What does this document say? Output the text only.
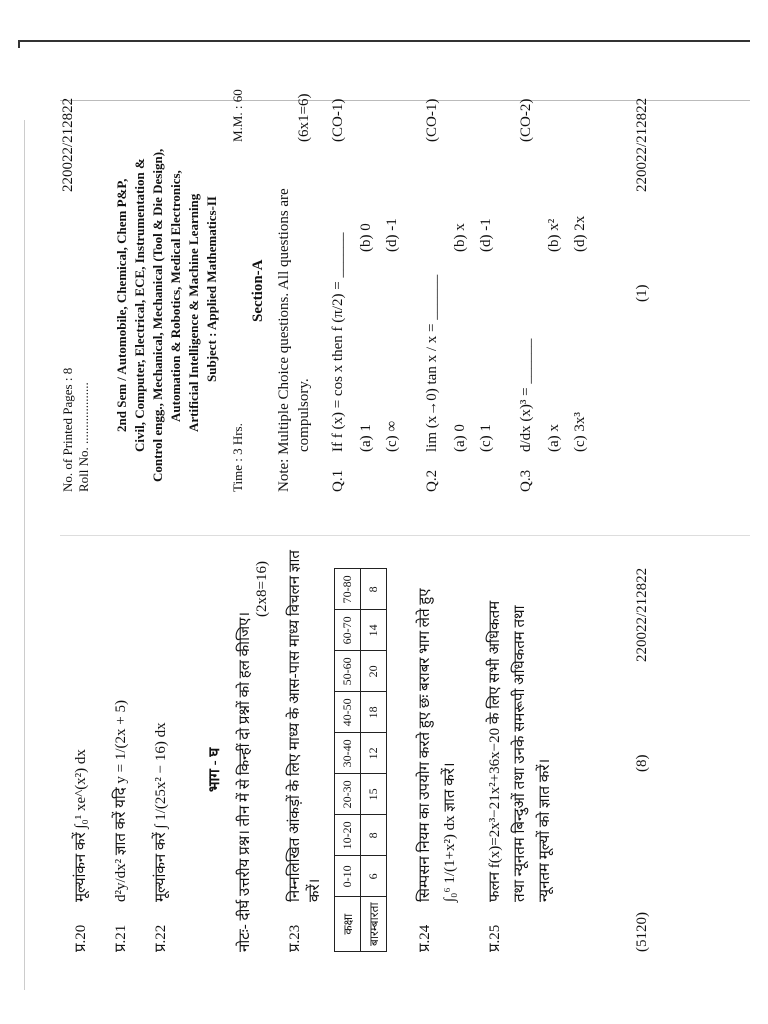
प्र.20
मूल्यांकन करें ∫₀¹ xe^(x²) dx
प्र.21
d²y/dx² ज्ञात करें यदि y = 1/(2x + 5)
प्र.22
मूल्यांकन करें ∫ 1/(25x² − 16) dx	भाग - घ नोटः- दीर्घ उत्तरीय प्रश्न। तीन में से किन्हीं दो प्रश्नों को हल कीजिए।
(2x8=16)
प्र.23
निम्नलिखित आंकड़ों के लिए माध्य के आस-पास माध्य विचलन ज्ञात करें।
कक्षा	0-10	10-20	20-30	30-40	40-50	50-60	60-70	70-80
बारम्बारता	6	8	15	12	18	20	14	8
प्र.24
सिम्पसन नियम का उपयोग करते हुए छः बराबर भाग लेते हुए ∫₀⁶ 1/(1+x²) dx ज्ञात करें।
प्र.25
फलन f(x)=2x³−21x²+36x−20 के लिए सभी अधिकतम तथा न्यूनतम बिन्दुओं तथा उनके समरूपी अधिकतम तथा न्यूनतम मूल्यों को ज्ञात करें।
(5120)
(8)
220022/212822
No. of Printed Pages : 8 Roll No. ...................
220022/212822
2nd Sem / Automobile, Chemical, Chem P&P, Civil, Computer, Electrical, ECE, Instrumentation & Control engg., Mechanical, Mechanical (Tool & Die Design), Automation & Robotics, Medical Electronics, Artificial Intelligence & Machine Learning Subject : Applied Mathematics-II
Time : 3 Hrs.
M.M. : 60
Section-A Note: Multiple Choice questions. All questions are compulsory.
(6x1=6)
Q.1
If f (x) = cos x then f (π/2) = ______
(CO-1)
(a) 1
(b) 0
(c) ∞
(d) -1
Q.2
lim (x→0) tan x / x = ______
(CO-1)
(a) 0
(b) x
(c) 1
(d) -1
Q.3
d/dx (x)³ = ______
(CO-2)
(a) x
(b) x²
(c) 3x³
(d) 2x
(1)
220022/212822
